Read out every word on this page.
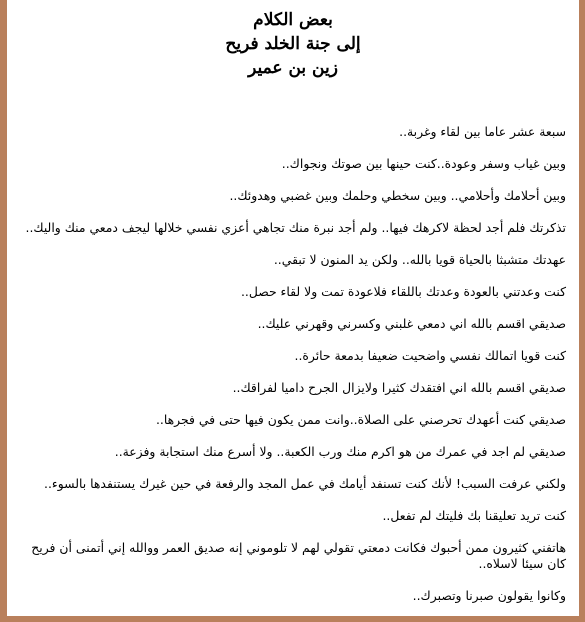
بعض الكلام
إلى جنة الخلد فريح
زين بن عمير

سبعة عشر عاما بين لقاء وغربة..

وبين غياب وسفر وعودة..كنت حينها بين صوتك ونجواك..

وبين أحلامك وأحلامي.. وبين سخطي وحلمك وبين غضبي وهدوئك..

تذكرتك فلم أجد لحظة لاكرهك فيها.. ولم أجد نبرة منك تجاهي أعزي نفسي خلالها ليجف دمعي منك واليك..

عهدتك متشبثا بالحياة قويا بالله.. ولكن يد المنون لا تبقي..

كنت وعدتني بالعودة وعدتك باللقاء فلاعودة تمت ولا لقاء حصل..

صديقي اقسم بالله اني دمعي غلبني وكسرني وقهرني عليك..

كنت قويا اتمالك نفسي واضحيت ضعيفا بدمعة حائرة..

صديقي اقسم بالله اني افتقدك كثيرا ولايزال الجرح داميا لفراقك..

صديقي كنت أعهدك تحرصني على الصلاة..وانت ممن يكون فيها حتى في فجرها..

صديقي لم اجد في عمرك من هو اكرم منك ورب الكعبة.. ولا أسرع منك استجابة وفزعة..

ولكني عرفت السبب! لأنك كنت تسنفد أيامك في عمل المجد والرفعة في حين غيرك يستنفدها بالسوء..

كنت تريد تعليقنا بك فليتك لم تفعل..

هاتفني كثيرون ممن أحبوك فكانت دمعتي تقولي لهم لا تلوموني إنه صديق العمر ووالله إني أتمنى أن فريح كان سيئا لاسلاه..

وكانوا يقولون صبرنا وتصبرك..
